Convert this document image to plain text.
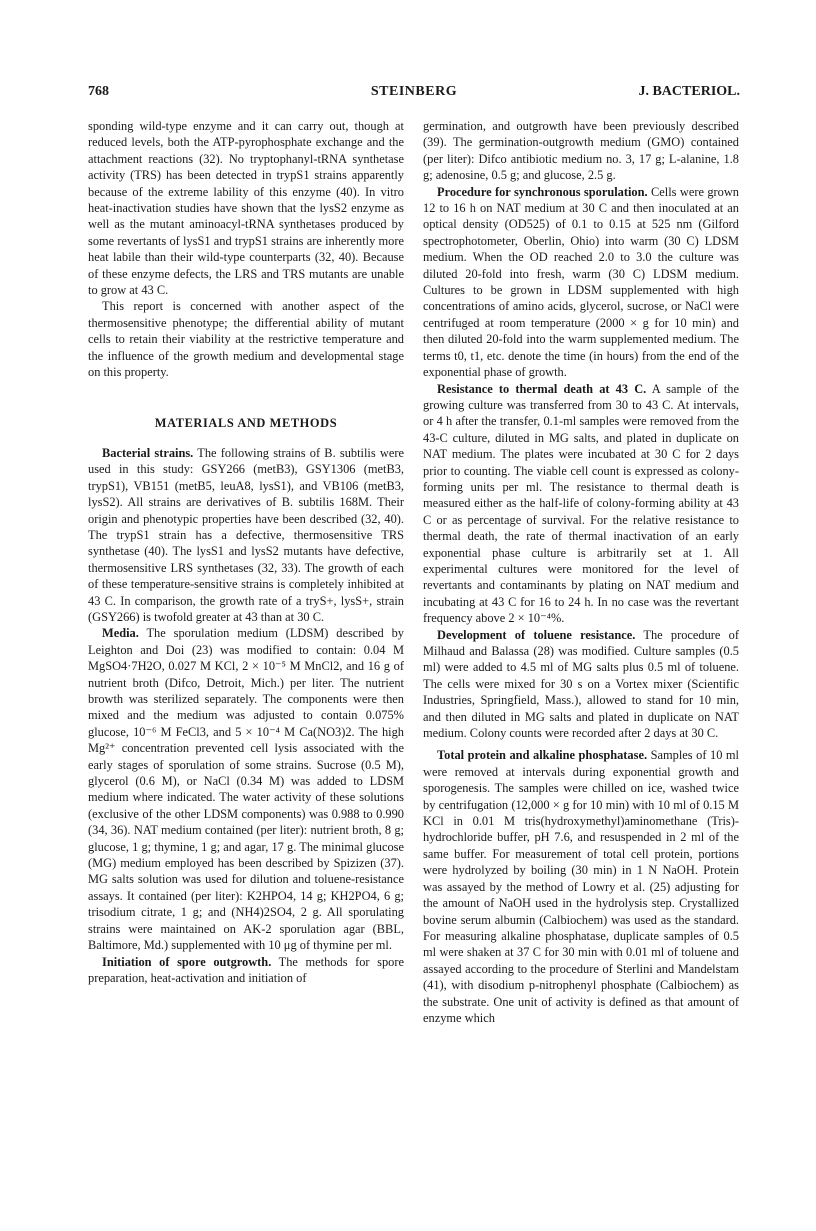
768	STEINBERG	J. BACTERIOL.

sponding wild-type enzyme and it can carry out, though at reduced levels, both the ATP-pyrophosphate exchange and the attachment reactions (32). No tryptophanyl-tRNA synthetase activity (TRS) has been detected in trypS1 strains apparently because of the extreme lability of this enzyme (40). In vitro heat-inactivation studies have shown that the lysS2 enzyme as well as the mutant aminoacyl-tRNA synthetases produced by some revertants of lysS1 and trypS1 strains are inherently more heat labile than their wild-type counterparts (32, 40). Because of these enzyme defects, the LRS and TRS mutants are unable to grow at 43 C.

This report is concerned with another aspect of the thermosensitive phenotype; the differential ability of mutant cells to retain their viability at the restrictive temperature and the influence of the growth medium and developmental stage on this property.

MATERIALS AND METHODS

Bacterial strains. The following strains of B. subtilis were used in this study: GSY266 (metB3), GSY1306 (metB3, trypS1), VB151 (metB5, leuA8, lysS1), and VB106 (metB3, lysS2). All strains are derivatives of B. subtilis 168M. Their origin and phenotypic properties have been described (32, 40). The trypS1 strain has a defective, thermosensitive TRS synthetase (40). The lysS1 and lysS2 mutants have defective, thermosensitive LRS synthetases (32, 33). The growth of each of these temperature-sensitive strains is completely inhibited at 43 C. In comparison, the growth rate of a tryS+, lysS+, strain (GSY266) is twofold greater at 43 than at 30 C.

Media. The sporulation medium (LDSM) described by Leighton and Doi (23) was modified to contain: 0.04 M MgSO4·7H2O, 0.027 M KCl, 2 × 10⁻⁵ M MnCl2, and 16 g of nutrient broth (Difco, Detroit, Mich.) per liter. The nutrient browth was sterilized separately. The components were then mixed and the medium was adjusted to contain 0.075% glucose, 10⁻⁶ M FeCl3, and 5 × 10⁻⁴ M Ca(NO3)2. The high Mg²⁺ concentration prevented cell lysis associated with the early stages of sporulation of some strains. Sucrose (0.5 M), glycerol (0.6 M), or NaCl (0.34 M) was added to LDSM medium where indicated. The water activity of these solutions (exclusive of the other LDSM components) was 0.988 to 0.990 (34, 36). NAT medium contained (per liter): nutrient broth, 8 g; glucose, 1 g; thymine, 1 g; and agar, 17 g. The minimal glucose (MG) medium employed has been described by Spizizen (37). MG salts solution was used for dilution and toluene-resistance assays. It contained (per liter): K2HPO4, 14 g; KH2PO4, 6 g; trisodium citrate, 1 g; and (NH4)2SO4, 2 g. All sporulating strains were maintained on AK-2 sporulation agar (BBL, Baltimore, Md.) supplemented with 10 μg of thymine per ml.

Initiation of spore outgrowth. The methods for spore preparation, heat-activation and initiation of

germination, and outgrowth have been previously described (39). The germination-outgrowth medium (GMO) contained (per liter): Difco antibiotic medium no. 3, 17 g; L-alanine, 1.8 g; adenosine, 0.5 g; and glucose, 2.5 g.

Procedure for synchronous sporulation. Cells were grown 12 to 16 h on NAT medium at 30 C and then inoculated at an optical density (OD525) of 0.1 to 0.15 at 525 nm (Gilford spectrophotometer, Oberlin, Ohio) into warm (30 C) LDSM medium. When the OD reached 2.0 to 3.0 the culture was diluted 20-fold into fresh, warm (30 C) LDSM medium. Cultures to be grown in LDSM supplemented with high concentrations of amino acids, glycerol, sucrose, or NaCl were centrifuged at room temperature (2000 × g for 10 min) and then diluted 20-fold into the warm supplemented medium. The terms t0, t1, etc. denote the time (in hours) from the end of the exponential phase of growth.

Resistance to thermal death at 43 C. A sample of the growing culture was transferred from 30 to 43 C. At intervals, or 4 h after the transfer, 0.1-ml samples were removed from the 43-C culture, diluted in MG salts, and plated in duplicate on NAT medium. The plates were incubated at 30 C for 2 days prior to counting. The viable cell count is expressed as colony-forming units per ml. The resistance to thermal death is measured either as the half-life of colony-forming ability at 43 C or as percentage of survival. For the relative resistance to thermal death, the rate of thermal inactivation of an early exponential phase culture is arbitrarily set at 1. All experimental cultures were monitored for the level of revertants and contaminants by plating on NAT medium and incubating at 43 C for 16 to 24 h. In no case was the revertant frequency above 2 × 10⁻⁴%.

Development of toluene resistance. The procedure of Milhaud and Balassa (28) was modified. Culture samples (0.5 ml) were added to 4.5 ml of MG salts plus 0.5 ml of toluene. The cells were mixed for 30 s on a Vortex mixer (Scientific Industries, Springfield, Mass.), allowed to stand for 10 min, and then diluted in MG salts and plated in duplicate on NAT medium. Colony counts were recorded after 2 days at 30 C.

Total protein and alkaline phosphatase. Samples of 10 ml were removed at intervals during exponential growth and sporogenesis. The samples were chilled on ice, washed twice by centrifugation (12,000 × g for 10 min) with 10 ml of 0.15 M KCl in 0.01 M tris(hydroxymethyl)aminomethane (Tris)-hydrochloride buffer, pH 7.6, and resuspended in 2 ml of the same buffer. For measurement of total cell protein, portions were hydrolyzed by boiling (30 min) in 1 N NaOH. Protein was assayed by the method of Lowry et al. (25) adjusting for the amount of NaOH used in the hydrolysis step. Crystallized bovine serum albumin (Calbiochem) was used as the standard. For measuring alkaline phosphatase, duplicate samples of 0.5 ml were shaken at 37 C for 30 min with 0.01 ml of toluene and assayed according to the procedure of Sterlini and Mandelstam (41), with disodium p-nitrophenyl phosphate (Calbiochem) as the substrate. One unit of activity is defined as that amount of enzyme which
